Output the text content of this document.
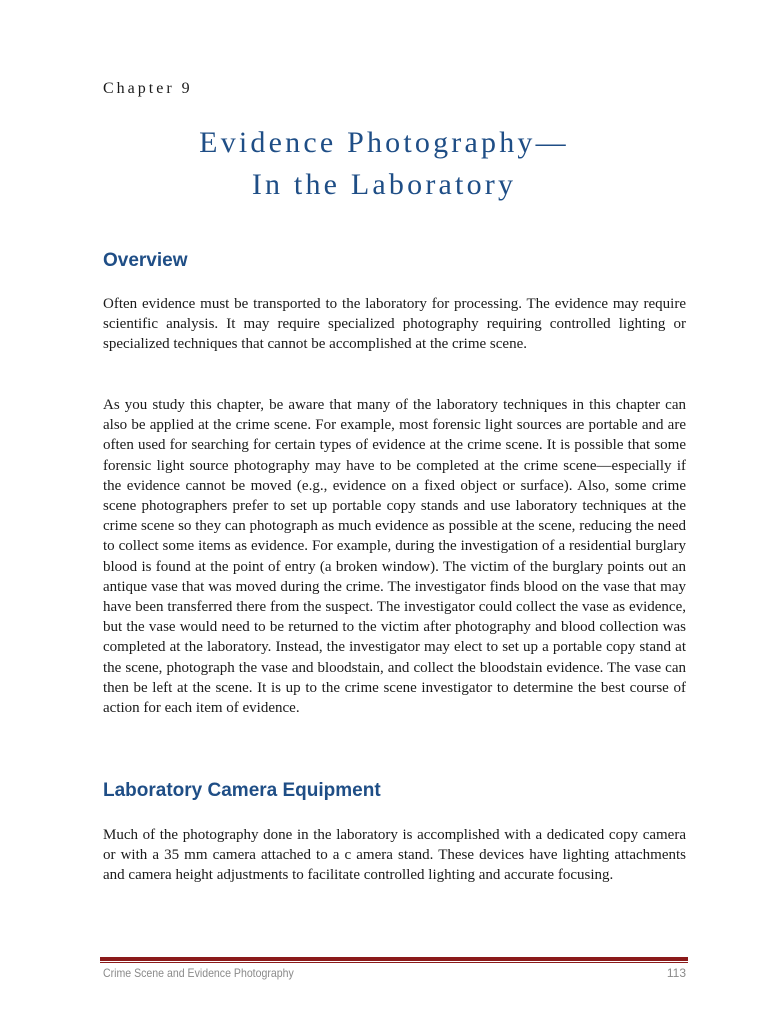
Chapter 9
Evidence Photography—
In the Laboratory
Overview

Often evidence must be transported to the laboratory for processing. The evidence may require scientific analysis. It may require specialized photography requiring controlled lighting or specialized techniques that cannot be accomplished at the crime scene.

As you study this chapter, be aware that many of the laboratory techniques in this chapter can also be applied at the crime scene. For example, most forensic light sources are portable and are often used for searching for certain types of evidence at the crime scene. It is possible that some forensic light source photography may have to be completed at the crime scene—especially if the evidence cannot be moved (e.g., evidence on a fixed object or surface). Also, some crime scene photographers prefer to set up portable copy stands and use laboratory techniques at the crime scene so they can photograph as much evidence as possible at the scene, reducing the need to collect some items as evidence. For example, during the investigation of a residential burglary blood is found at the point of entry (a broken window). The victim of the burglary points out an antique vase that was moved during the crime. The investigator finds blood on the vase that may have been transferred there from the suspect. The investigator could collect the vase as evidence, but the vase would need to be returned to the victim after photography and blood collection was completed at the laboratory. Instead, the investigator may elect to set up a portable copy stand at the scene, photograph the vase and bloodstain, and collect the bloodstain evidence. The vase can then be left at the scene. It is up to the crime scene investigator to determine the best course of action for each item of evidence.

Laboratory Camera Equipment

Much of the photography done in the laboratory is accomplished with a dedicated copy camera or with a 35 mm camera attached to a c amera stand. These devices have lighting attachments and camera height adjustments to facilitate controlled lighting and accurate focusing.

Crime Scene and Evidence Photography	113
